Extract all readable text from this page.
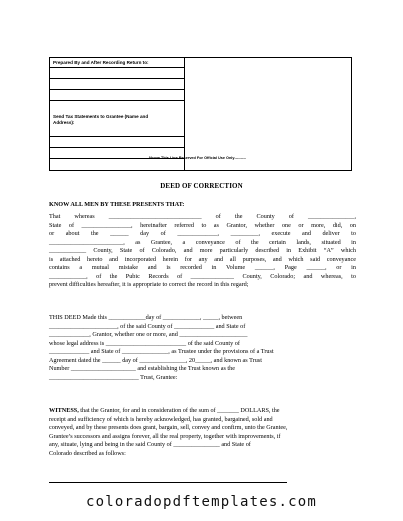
Prepared By and After Recording Return to:
Send Tax Statements to Grantee (Name and Address):
---------Above This Line Reserved For Official Use Only---------
DEED OF CORRECTION
KNOW ALL MEN BY THESE PRESENTS THAT:
That whereas ______________________________ of the County of _______________,
State of ________________, hereinafter referred to as Grantor, whether one or more, did, on
or about the ______ day of _____________, _________, execute and deliver to
________________________, as Grantee, a conveyance of the certain lands, situated in
____________ County, State of Colorado, and more particularly described in Exhibit “A” which
is attached hereto and incorporated herein for any and all purposes, and which said conveyance
contains a mutual mistake and is recorded in Volume ______, Page ______, or in
____________, of the Pubic Records of ______________ County, Colorado; and whereas, to
prevent difficulties hereafter, it is appropriate to correct the record in this regard;
THIS DEED Made this ____________day of ____________, _____, between
______________________, of the said County of _____________ and State of
_____________, Grantor, whether one or more, and ______________________
whose legal address is __________________________ of the said County of
_____________ and State of _______________, as Trustee under the provisions of a Trust
Agreement dated the ______ day of _______________, 20_____, and known as Trust
Number _____________________ and establishing the Trust known as the
_____________________________ Trust, Grantee:
WITNESS, that the Grantor, for and in consideration of the sum of _______ DOLLARS, the
receipt and sufficiency of which is hereby acknowledged, has granted, bargained, sold and
conveyed, and by these presents does grant, bargain, sell, convey and confirm, unto the Grantee,
Grantee’s successors and assigns forever, all the real property, together with improvements, if
any, situate, lying and being in the said County of _______________ and State of
Colorado described as follows:
coloradopdftemplates.com
